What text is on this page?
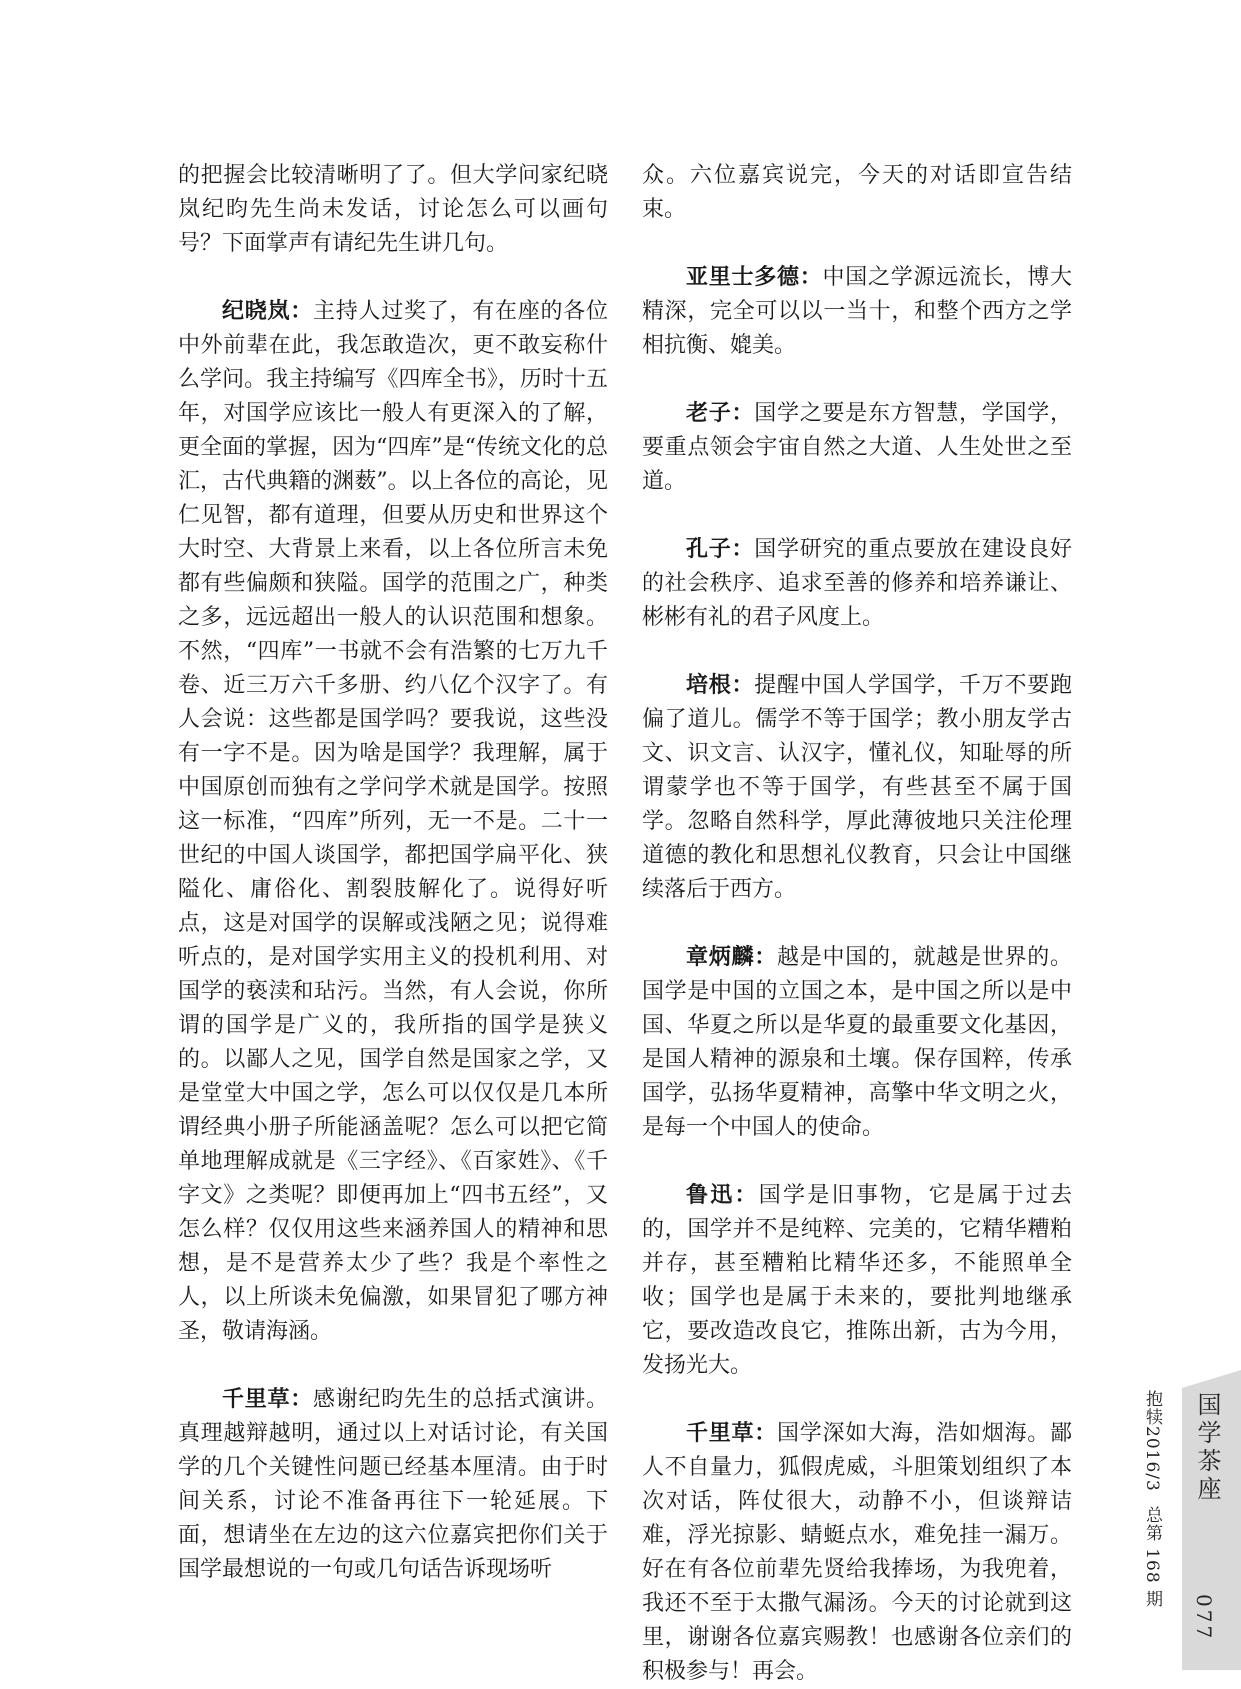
的把握会比较清晰明了了。但大学问家纪晓岚纪昀先生尚未发话，讨论怎么可以画句号？下面掌声有请纪先生讲几句。

纪晓岚：主持人过奖了，有在座的各位中外前辈在此，我怎敢造次，更不敢妄称什么学问。我主持编写《四库全书》，历时十五年，对国学应该比一般人有更深入的了解，更全面的掌握，因为“四库”是“传统文化的总汇，古代典籍的渊薮”。以上各位的高论，见仁见智，都有道理，但要从历史和世界这个大时空、大背景上来看，以上各位所言未免都有些偏颇和狭隘。国学的范围之广，种类之多，远远超出一般人的认识范围和想象。不然，“四库”一书就不会有浩繁的七万九千卷、近三万六千多册、约八亿个汉字了。有人会说：这些都是国学吗？要我说，这些没有一字不是。因为啥是国学？我理解，属于中国原创而独有之学问学术就是国学。按照这一标准，“四库”所列，无一不是。二十一世纪的中国人谈国学，都把国学扁平化、狭隘化、庸俗化、割裂肢解化了。说得好听点，这是对国学的误解或浅陋之见；说得难听点的，是对国学实用主义的投机利用、对国学的亵渎和玷污。当然，有人会说，你所谓的国学是广义的，我所指的国学是狭义的。以鄙人之见，国学自然是国家之学，又是堂堂大中国之学，怎么可以仅仅是几本所谓经典小册子所能涵盖呢？怎么可以把它简单地理解成就是《三字经》、《百家姓》、《千字文》之类呢？即便再加上“四书五经”，又怎么样？仅仅用这些来涵养国人的精神和思想，是不是营养太少了些？我是个率性之人，以上所谈未免偏激，如果冒犯了哪方神圣，敬请海涵。

千里草：感谢纪昀先生的总括式演讲。真理越辩越明，通过以上对话讨论，有关国学的几个关键性问题已经基本厘清。由于时间关系，讨论不准备再往下一轮延展。下面，想请坐在左边的这六位嘉宾把你们关于国学最想说的一句或几句话告诉现场听

众。六位嘉宾说完，今天的对话即宣告结束。

亚里士多德：中国之学源远流长，博大精深，完全可以以一当十，和整个西方之学相抗衡、媲美。

老子：国学之要是东方智慧，学国学，要重点领会宇宙自然之大道、人生处世之至道。

孔子：国学研究的重点要放在建设良好的社会秩序、追求至善的修养和培养谦让、彬彬有礼的君子风度上。

培根：提醒中国人学国学，千万不要跑偏了道儿。儒学不等于国学；教小朋友学古文、识文言、认汉字，懂礼仪，知耻辱的所谓蒙学也不等于国学，有些甚至不属于国学。忽略自然科学，厚此薄彼地只关注伦理道德的教化和思想礼仪教育，只会让中国继续落后于西方。

章炳麟：越是中国的，就越是世界的。国学是中国的立国之本，是中国之所以是中国、华夏之所以是华夏的最重要文化基因，是国人精神的源泉和土壤。保存国粹，传承国学，弘扬华夏精神，高擎中华文明之火，是每一个中国人的使命。

鲁迅：国学是旧事物，它是属于过去的，国学并不是纯粹、完美的，它精华糟粕并存，甚至糟粕比精华还多，不能照单全收；国学也是属于未来的，要批判地继承它，要改造改良它，推陈出新，古为今用，发扬光大。

千里草：国学深如大海，浩如烟海。鄙人不自量力，狐假虎威，斗胆策划组织了本次对话，阵仗很大，动静不小，但谈辩诘难，浮光掠影、蜻蜓点水，难免挂一漏万。好在有各位前辈先贤给我捧场，为我兜着，我还不至于太撒气漏汤。今天的讨论就到这里，谢谢各位嘉宾赐教！也感谢各位亲们的积极参与！再会。

国学茶座
077
抱犊2016/3总第 168 期
